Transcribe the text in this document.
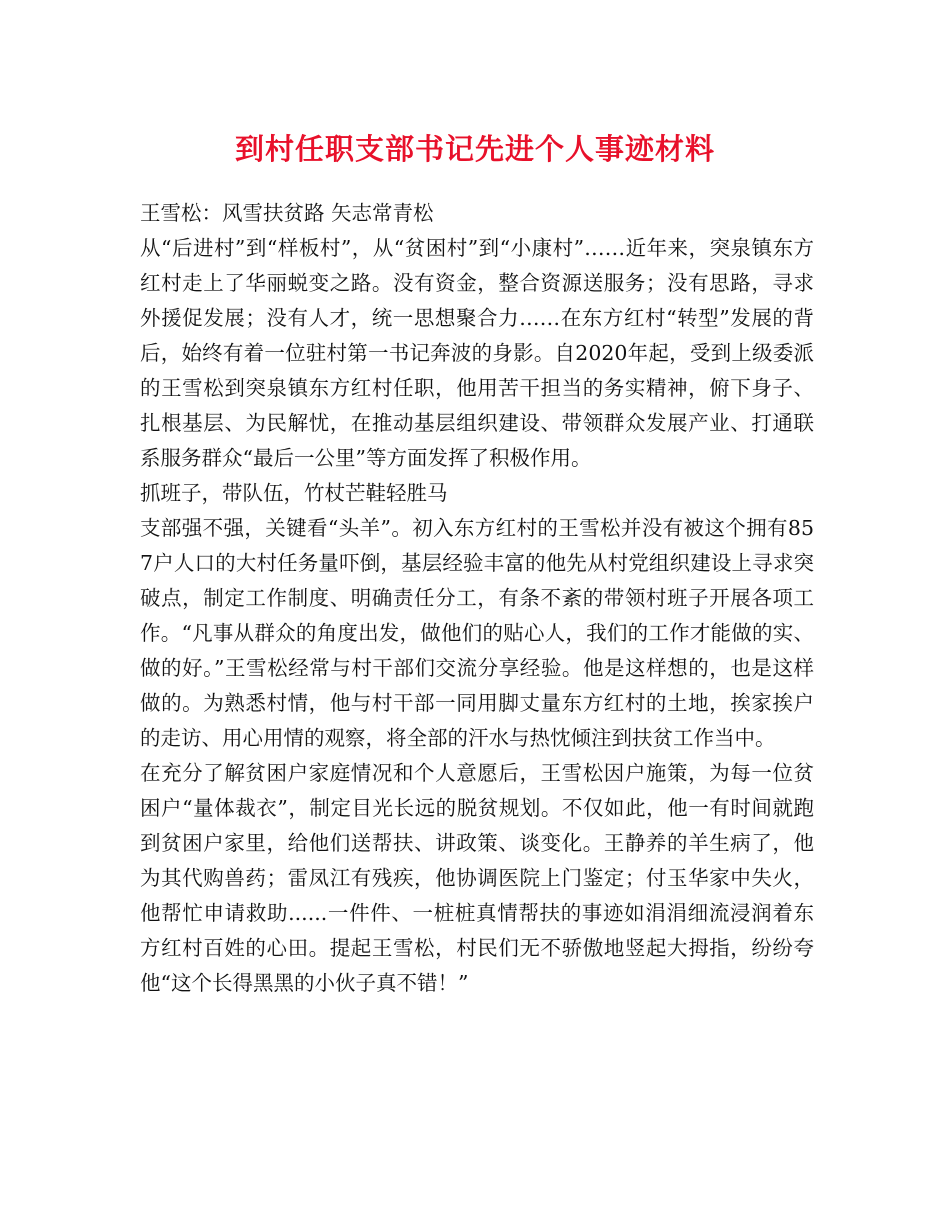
到村任职支部书记先进个人事迹材料

王雪松：风雪扶贫路 矢志常青松

从“后进村”到“样板村”，从“贫困村”到“小康村”……近年来，突泉镇东方红村走上了华丽蜕变之路。没有资金，整合资源送服务；没有思路，寻求外援促发展；没有人才，统一思想聚合力……在东方红村“转型”发展的背后，始终有着一位驻村第一书记奔波的身影。自2020年起，受到上级委派的王雪松到突泉镇东方红村任职，他用苦干担当的务实精神，俯下身子、扎根基层、为民解忧，在推动基层组织建设、带领群众发展产业、打通联系服务群众“最后一公里”等方面发挥了积极作用。

抓班子，带队伍，竹杖芒鞋轻胜马

支部强不强，关键看“头羊”。初入东方红村的王雪松并没有被这个拥有857户人口的大村任务量吓倒，基层经验丰富的他先从村党组织建设上寻求突破点，制定工作制度、明确责任分工，有条不紊的带领村班子开展各项工作。“凡事从群众的角度出发，做他们的贴心人，我们的工作才能做的实、做的好。”王雪松经常与村干部们交流分享经验。他是这样想的，也是这样做的。为熟悉村情，他与村干部一同用脚丈量东方红村的土地，挨家挨户的走访、用心用情的观察，将全部的汗水与热忱倾注到扶贫工作当中。

在充分了解贫困户家庭情况和个人意愿后，王雪松因户施策，为每一位贫困户“量体裁衣”，制定目光长远的脱贫规划。不仅如此，他一有时间就跑到贫困户家里，给他们送帮扶、讲政策、谈变化。王静养的羊生病了，他为其代购兽药；雷凤江有残疾，他协调医院上门鉴定；付玉华家中失火，他帮忙申请救助......一件件、一桩桩真情帮扶的事迹如涓涓细流浸润着东方红村百姓的心田。提起王雪松，村民们无不骄傲地竖起大拇指，纷纷夸他“这个长得黑黑的小伙子真不错！”
